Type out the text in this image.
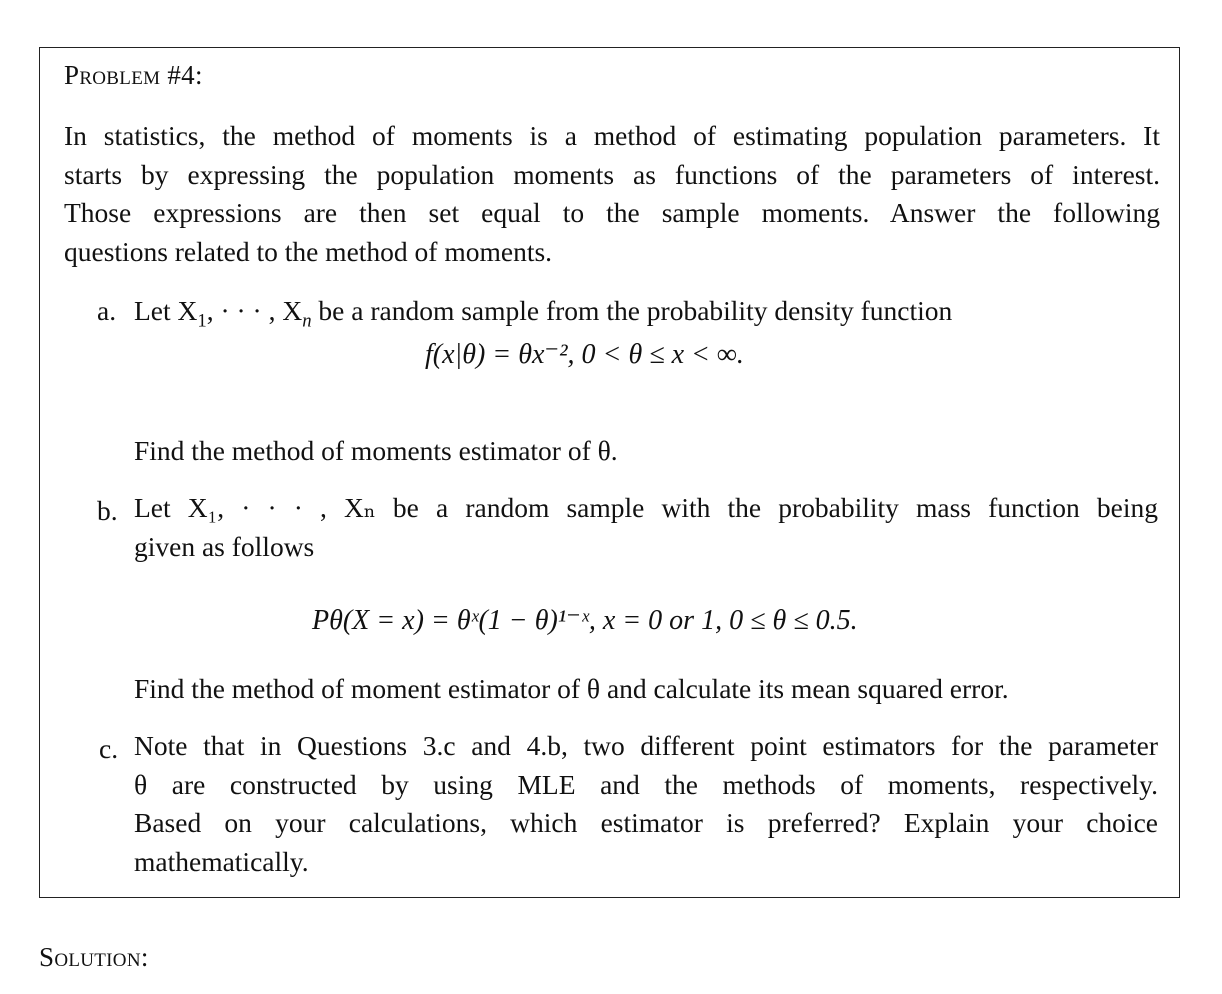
Problem #4:
In statistics, the method of moments is a method of estimating population parameters. It
starts by expressing the population moments as functions of the parameters of interest.
Those expressions are then set equal to the sample moments. Answer the following
questions related to the method of moments.
a. Let $X_1$, · · · , $X_n$ be a random sample from the probability density function
f(x|θ) = θx⁻², 0 < θ ≤ x < ∞.
Find the method of moments estimator of θ.
b. Let X₁, · · · , Xₙ be a random sample with the probability mass function being
given as follows
Pθ(X = x) = θˣ(1 − θ)¹⁻ˣ, x = 0 or 1, 0 ≤ θ ≤ 0.5.
Find the method of moment estimator of θ and calculate its mean squared error.
c. Note that in Questions 3.c and 4.b, two different point estimators for the parameter
θ are constructed by using MLE and the methods of moments, respectively.
Based on your calculations, which estimator is preferred? Explain your choice
mathematically.
Solution:
